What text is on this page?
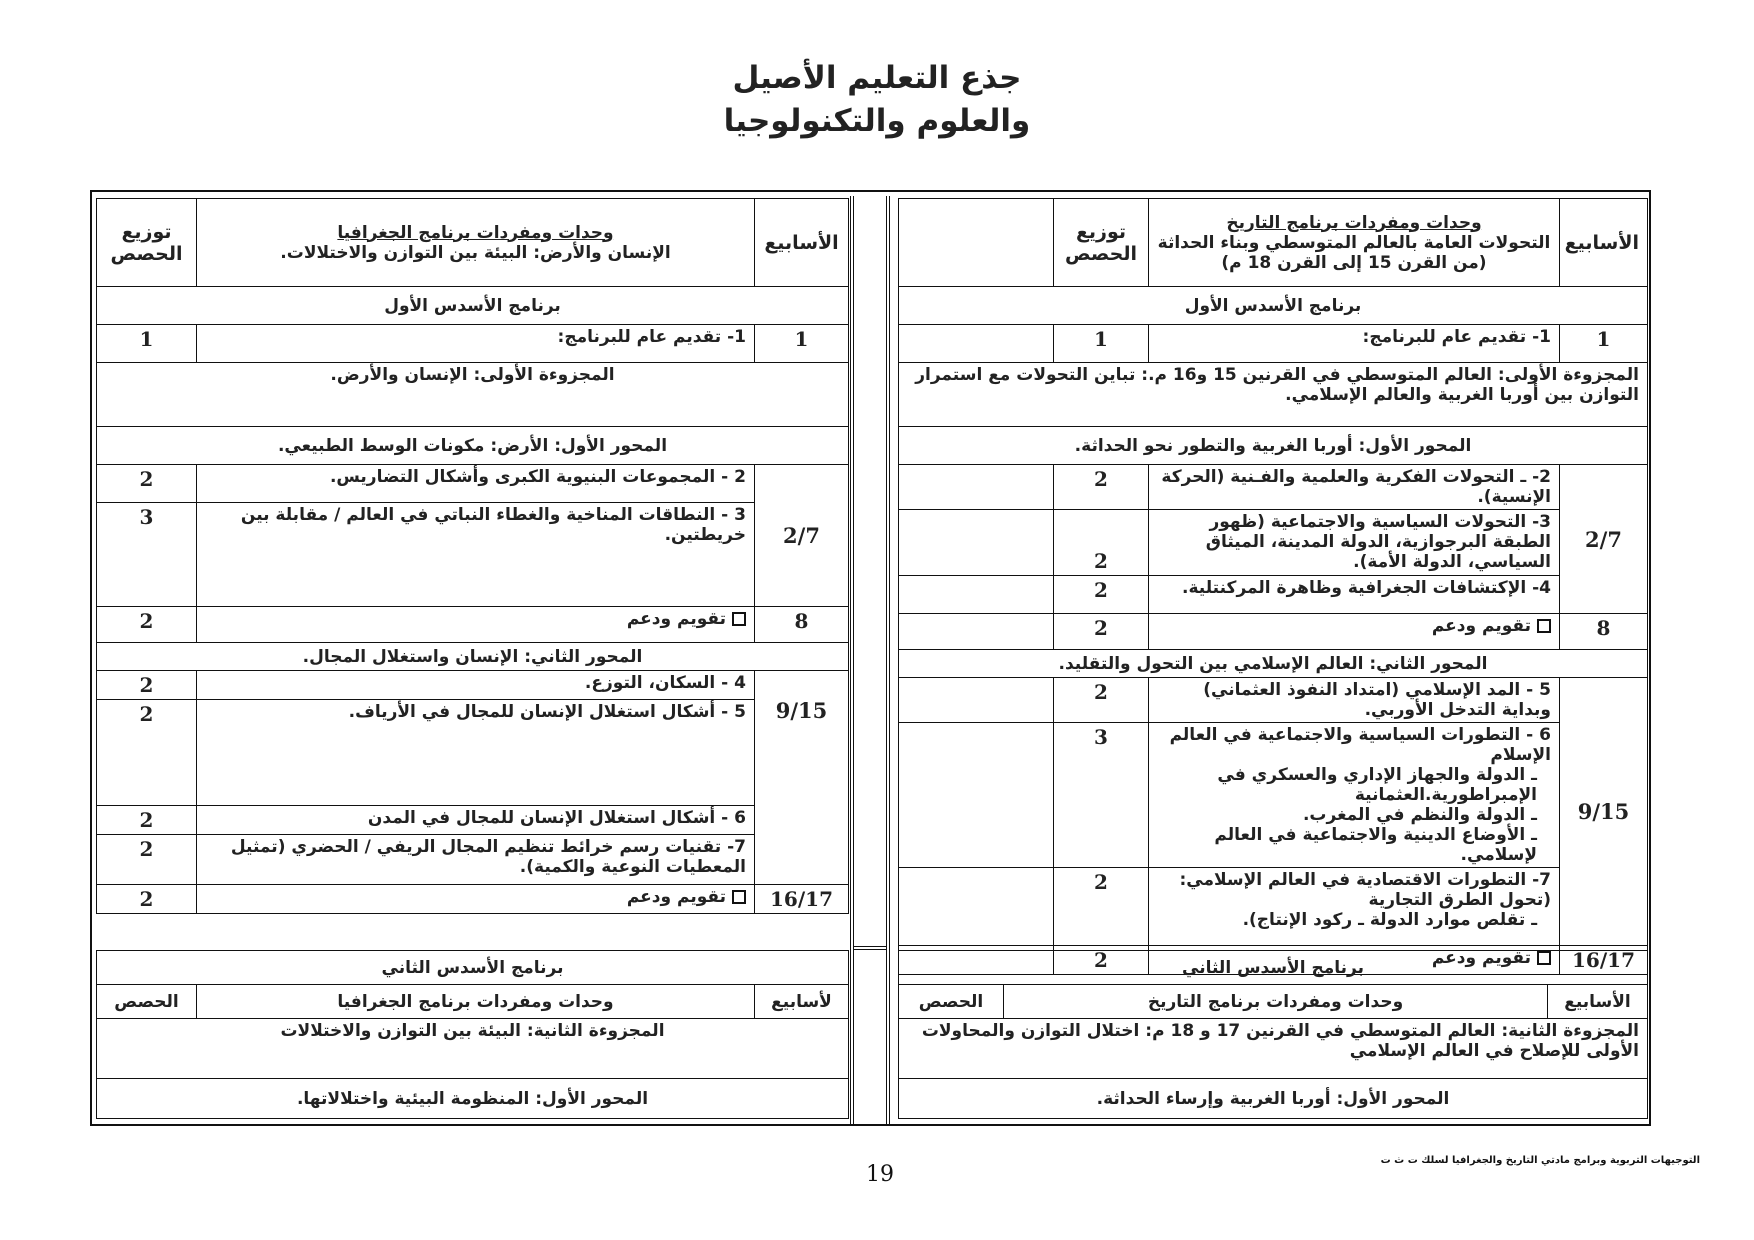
جذع التعليم الأصيل
والعلوم والتكنولوجيا
الأسابيع	وحدات ومفردات برنامج التاريخ
التحولات العامة بالعالم المتوسطي وبناء الحداثة
(من القرن 15 إلى القرن 18 م)	توزيع الحصص	
برنامج الأسدس الأول			
1	1- تقديم عام للبرنامج:	1	
المجزوءة الأولى: العالم المتوسطي في القرنين 15 و16 م.: تباين التحولات مع استمرار التوازن بين أوربا الغربية والعالم الإسلامي.			
المحور الأول: أوربا الغربية والتطور نحو الحداثة.			
2/7	2- ـ التحولات الفكرية والعلمية والفـنية (الحركة الإنسية).	2	
	3- التحولات السياسية والاجتماعية (ظهور الطبقة البرجوازية، الدولة المدينة، الميثاق السياسي، الدولة الأمة).	2	
	4- الإكتشافات الجغرافية وظاهرة المركنتلية.	2	
8	تقويم ودعم	2	
المحور الثاني: العالم الإسلامي بين التحول والتقليد.			
9/15	5 - المد الإسلامي (امتداد النفوذ العثماني) وبداية التدخل الأوربي.	2	

	6 - التطورات السياسية والاجتماعية في العالم الإسلام
ـ الدولة والجهاز الإداري والعسكري في الإمبراطورية.العثمانية
ـ الدولة والنظم في المغرب.
ـ الأوضاع الدينية والاجتماعية في العالم لإسلامي.	3	

	7- التطورات الاقتصادية في العالم الإسلامي: (تحول الطرق التجارية
ـ تقلص موارد الدولة ـ ركود الإنتاج).	2	
16/17	تقويم ودعم	2	
الأسابيع	وحدات ومفردات برنامج الجغرافيا
الإنسان والأرض: البيئة بين التوازن والاختلالات.	توزيع الحصص
برنامج الأسدس الأول		
1	1- تقديم عام للبرنامج:	1
المجزوءة الأولى: الإنسان والأرض.		
المحور الأول: الأرض: مكونات الوسط الطبيعي.		
2/7	2 - المجموعات البنيوية الكبرى وأشكال التضاريس.	2
	3 - النطاقات المناخية والغطاء النباتي في العالم / مقابلة بين خريطتين.	3
8	تقويم ودعم	2
المحور الثاني: الإنسان واستغلال المجال.		

9/15	4 - السكان، التوزع.	2
	5 - أشكال استغلال الإنسان للمجال في الأرياف.	2
	6 - أشكال استغلال الإنسان للمجال في المدن	2
	7- تقنيات رسم خرائط تنظيم المجال الريفي / الحضري (تمثيل المعطيات النوعية والكمية).	2
16/17	تقويم ودعم	2
برنامج الأسدس الثاني
الأسابيع	وحدات ومفردات برنامج التاريخ	الحصص
المجزوءة الثانية: العالم المتوسطي في القرنين 17 و 18 م: اختلال التوازن والمحاولات الأولى للإصلاح في العالم الإسلامي
المحور الأول: أوربا الغربية وإرساء الحداثة.
برنامج الأسدس الثاني
لأسابيع	وحدات ومفردات برنامج الجغرافيا	الحصص
المجزوءة الثانية: البيئة بين التوازن والاختلالات
المحور الأول: المنظومة البيئية واختلالاتها.
19
التوجيهات التربوية وبرامج مادتي التاريخ والجغرافيا لسلك ت ث ت
